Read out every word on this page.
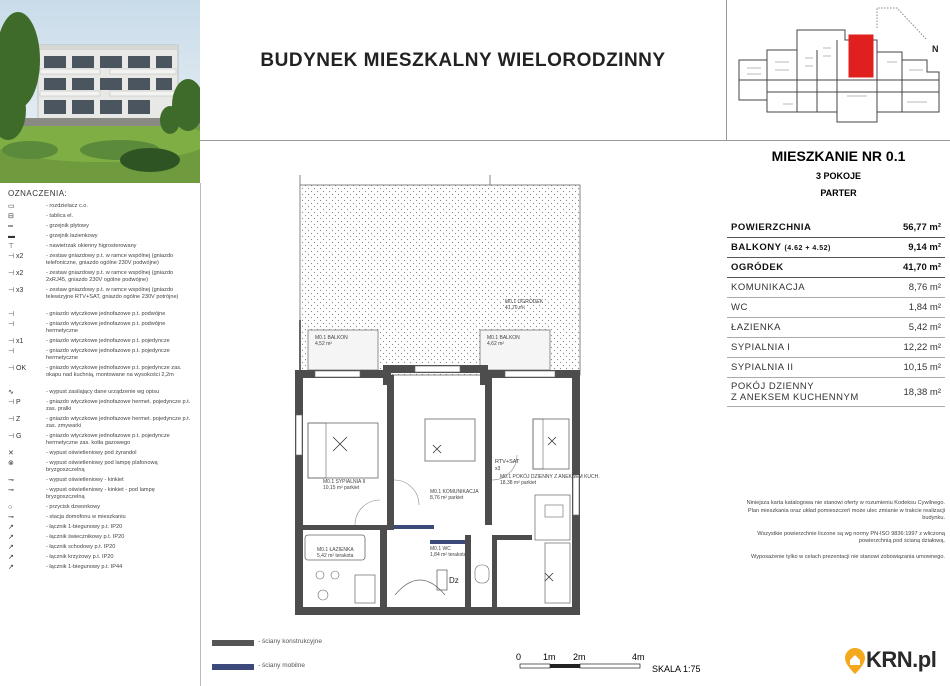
BUDYNEK MIESZKALNY WIELORODZINNY
N
MIESZKANIE NR 0.1
3 POKOJE
PARTER
POWIERZCHNIA	56,77 m²
BALKONY (4.62 + 4.52)	9,14 m²
OGRÓDEK	41,70 m²
KOMUNIKACJA	8,76 m²
WC	1,84 m²
ŁAZIENKA	5,42 m²
SYPIALNIA I	12,22 m²
SYPIALNIA II	10,15 m²
POKÓJ DZIENNY
Z ANEKSEM KUCHENNYM	18,38 m²

Niniejsza karta katalogowa nie stanowi oferty w rozumieniu Kodeksu Cywilnego. Plan mieszkania oraz układ pomieszczeń może ulec zmianie w trakcie realizacji budynku.

Wszystkie powierzchnie liczone są wg normy PN-ISO 9836:1997 z wliczoną powierzchnią pod ścianą działową.

Wyposażenie tylko w celach prezentacji nie stanowi zobowiązania umownego.

OZNACZENIA:
▭	- rozdzielacz c.o.
⊟	- tablica el.
═	- grzejnik płytowy
▬	- grzejnik łazienkowy
⊤	- nawietrzak okienny higrosterowany
⊣ x2	- zestaw gniazdowy p.t. w ramce wspólnej (gniazdo telefoniczne, gniazdo ogólne 230V podwójne)
⊣ x2	- zestaw gniazdowy p.t. w ramce wspólnej (gniazdo 2xRJ45, gniazdo 230V ogólne podwójne)
⊣ x3	- zestaw gniazdowy p.t. w ramce wspólnej (gniazdo telewizyjne RTV+SAT, gniazdo ogólne 230V potrójne)
⊣	- gniazdo wtyczkowe jednofazowe p.t. podwójne
⊣	- gniazdo wtyczkowe jednofazowe p.t. podwójne hermetyczne
⊣ x1	- gniazdo wtyczkowe jednofazowe p.t. pojedyncze
⊣	- gniazdo wtyczkowe jednofazowe p.t. pojedyncze hermetyczne
⊣ OK	- gniazdo wtyczkowe jednofazowe p.t. pojedyncze zas. okapu nad kuchnią, montowane na wysokości 2,2m
∿	- wypust zasilający dane urządzenie wg opisu
⊣ P	- gniazdo wtyczkowe jednofazowe hermet. pojedyncze p.t. zas. pralki
⊣ Z	- gniazdo wtyczkowe jednofazowe hermet. pojedyncze p.t. zas. zmywarki
⊣ G	- gniazdo wtyczkowe jednofazowe p.t. pojedyncze hermetyczne zas. kotła gazowego
✕	- wypust oświetleniowy pod żyrandol
⊗	- wypust oświetleniowy pod lampę plafonową bryzgoszczelną
⊸	- wypust oświetleniowy - kinkiet
⊸	- wypust oświetleniowy - kinkiet - pod lampę bryzgoszczelną
○	- przycisk dzwonkowy
⊸	- stacja domofonu w mieszkaniu
↗	- łącznik 1-biegunowy p.t. IP20
↗	- łącznik świecznikowy p.t. IP20
↗	- łącznik schodowy p.t. IP20
↗	- łącznik krzyżowy p.t. IP20
↗	- łącznik 1-biegunowy p.t. IP44
M0.1 BALKON 4,52 m²
M0.1 BALKON 4,62 m²
M0.1 OGRÓDEK 41,70 m²
M0.1 SYPIALNIA II 10,15 m² parkiet
M0.1 KOMUNIKACJA 8,76 m² parkiet
M0.1 POKÓJ DZIENNY Z ANEKSEM KUCH. 18,38 m² parkiet
M0.1 ŁAZIENKA 5,42 m² terakota
M0.1 WC 1,84 m² terakota
RTV+SAT
x3
Dz
- ściany konstrukcyjne
- ściany mobilne
0 1m 2m	4m
SKALA 1:75	KRN.pl
